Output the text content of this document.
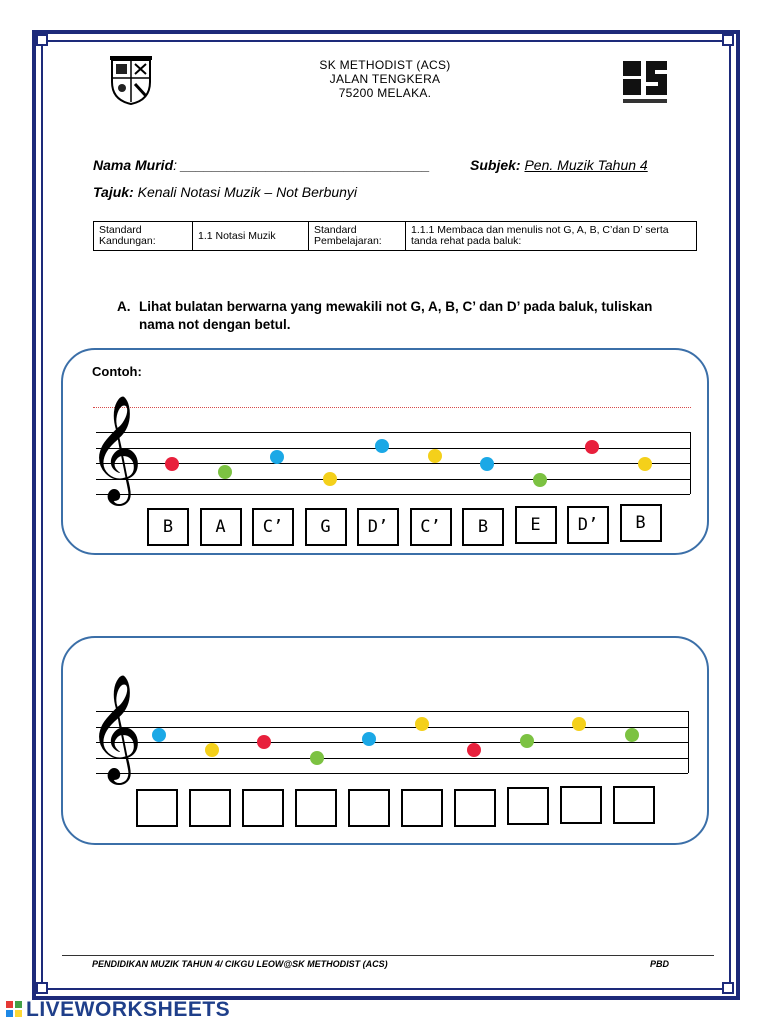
SK METHODIST (ACS)
JALAN TENGKERA
75200 MELAKA.
Nama Murid: ________________________________	Subjek: Pen. Muzik Tahun 4
Tajuk: Kenali Notasi Muzik – Not Berbunyi
Standard Kandungan:	1.1 Notasi Muzik	Standard Pembelajaran:	1.1.1 Membaca dan menulis not G, A, B, C’dan D’ serta tanda rehat pada baluk:
A. Lihat bulatan berwarna yang mewakili not G, A, B, C’ dan D’ pada baluk, tuliskan nama not dengan betul.
Contoh:
𝄞
B	A	C’	G	D’	C’	B	E	D’	B
𝄞
PENDIDIKAN MUZIK TAHUN 4/ CIKGU LEOW@SK METHODIST (ACS)	PBD
LIVEWORKSHEETS
